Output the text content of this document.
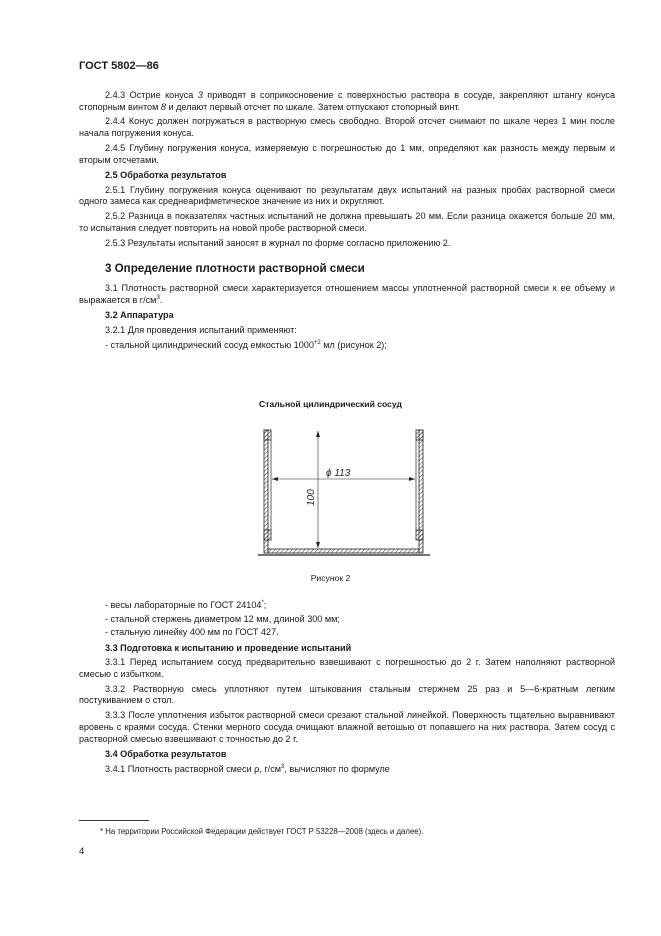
ГОСТ 5802—86

2.4.3 Острие конуса 3 приводят в соприкосновение с поверхностью раствора в сосуде, закрепляют штангу конуса стопорным винтом 8 и делают первый отсчет по шкале. Затем отпускают стопорный винт.

2.4.4 Конус должен погружаться в растворную смесь свободно. Второй отсчет снимают по шкале через 1 мин после начала погружения конуса.

2.4.5 Глубину погружения конуса, измеряемую с погрешностью до 1 мм, определяют как разность между первым и вторым отсчетами.

2.5 Обработка результатов

2.5.1 Глубину погружения конуса оценивают по результатам двух испытаний на разных пробах растворной смеси одного замеса как среднеарифметическое значение из них и округляют.

2.5.2 Разница в показателях частных испытаний не должна превышать 20 мм. Если разница окажется больше 20 мм, то испытания следует повторить на новой пробе растворной смеси.

2.5.3 Результаты испытаний заносят в журнал по форме согласно приложению 2.

3 Определение плотности растворной смеси

3.1 Плотность растворной смеси характеризуется отношением массы уплотненной растворной смеси к ее объему и выражается в $г/см^3$.

3.2 Аппаратура

3.2.1 Для проведения испытаний применяют:

- стальной цилиндрический сосуд емкостью $1000^{+2}$ мл (рисунок 2);

Стальной цилиндрический сосуд
ϕ 113
100
Рисунок 2

- весы лабораторные по ГОСТ 24104*;

- стальной стержень диаметром 12 мм, длиной 300 мм;

- стальную линейку 400 мм по ГОСТ 427.

3.3 Подготовка к испытанию и проведение испытаний

3.3.1 Перед испытанием сосуд предварительно взвешивают с погрешностью до 2 г. Затем наполняют растворной смесью с избытком.

3.3.2 Растворную смесь уплотняют путем штыкования стальным стержнем 25 раз и 5—6-кратным легким постукиванием о стол.

3.3.3 После уплотнения избыток растворной смеси срезают стальной линейкой. Поверхность тщательно выравнивают вровень с краями сосуда. Стенки мерного сосуда очищают влажной ветошью от попавшего на них раствора. Затем сосуд с растворной смесью взвешивают с точностью до 2 г.

3.4 Обработка результатов

3.4.1 Плотность растворной смеси ρ, $г/см^3$, вычисляют по формуле

* На территории Российской Федерации действует ГОСТ Р 53228—2008 (здесь и далее).
4
